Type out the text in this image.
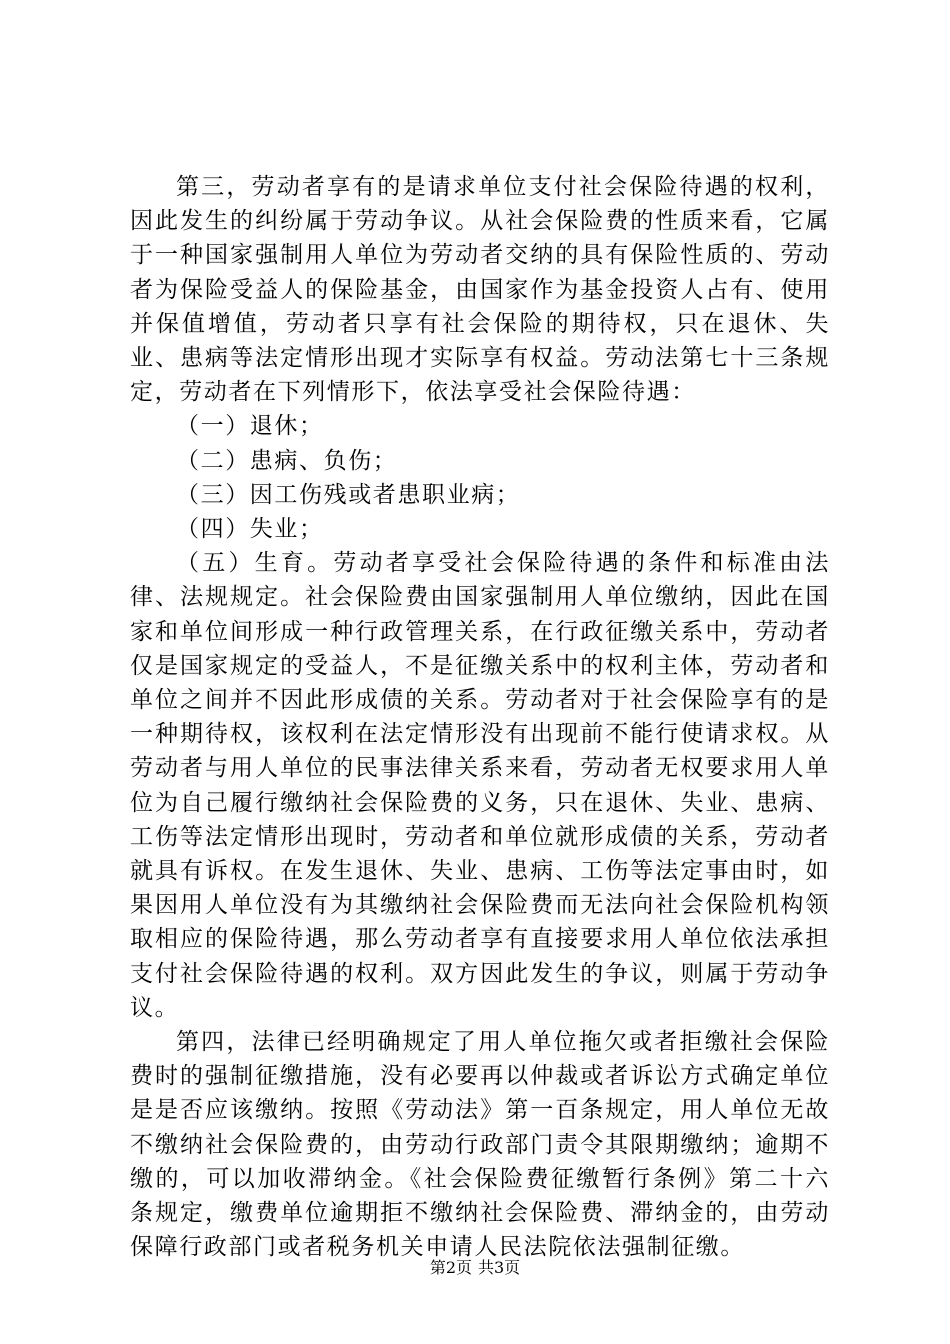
第三，劳动者享有的是请求单位支付社会保险待遇的权利，因此发生的纠纷属于劳动争议。从社会保险费的性质来看，它属于一种国家强制用人单位为劳动者交纳的具有保险性质的、劳动者为保险受益人的保险基金，由国家作为基金投资人占有、使用并保值增值，劳动者只享有社会保险的期待权，只在退休、失业、患病等法定情形出现才实际享有权益。劳动法第七十三条规定，劳动者在下列情形下，依法享受社会保险待遇：

（一）退休；

（二）患病、负伤；

（三）因工伤残或者患职业病；

（四）失业；

（五）生育。劳动者享受社会保险待遇的条件和标准由法律、法规规定。社会保险费由国家强制用人单位缴纳，因此在国家和单位间形成一种行政管理关系，在行政征缴关系中，劳动者仅是国家规定的受益人，不是征缴关系中的权利主体，劳动者和单位之间并不因此形成债的关系。劳动者对于社会保险享有的是一种期待权，该权利在法定情形没有出现前不能行使请求权。从劳动者与用人单位的民事法律关系来看，劳动者无权要求用人单位为自己履行缴纳社会保险费的义务，只在退休、失业、患病、工伤等法定情形出现时，劳动者和单位就形成债的关系，劳动者就具有诉权。在发生退休、失业、患病、工伤等法定事由时，如果因用人单位没有为其缴纳社会保险费而无法向社会保险机构领取相应的保险待遇，那么劳动者享有直接要求用人单位依法承担支付社会保险待遇的权利。双方因此发生的争议，则属于劳动争议。

第四，法律已经明确规定了用人单位拖欠或者拒缴社会保险费时的强制征缴措施，没有必要再以仲裁或者诉讼方式确定单位是是否应该缴纳。按照《劳动法》第一百条规定，用人单位无故不缴纳社会保险费的，由劳动行政部门责令其限期缴纳；逾期不缴的，可以加收滞纳金。《社会保险费征缴暂行条例》第二十六条规定，缴费单位逾期拒不缴纳社会保险费、滞纳金的，由劳动保障行政部门或者税务机关申请人民法院依法强制征缴。

第2页 共3页
